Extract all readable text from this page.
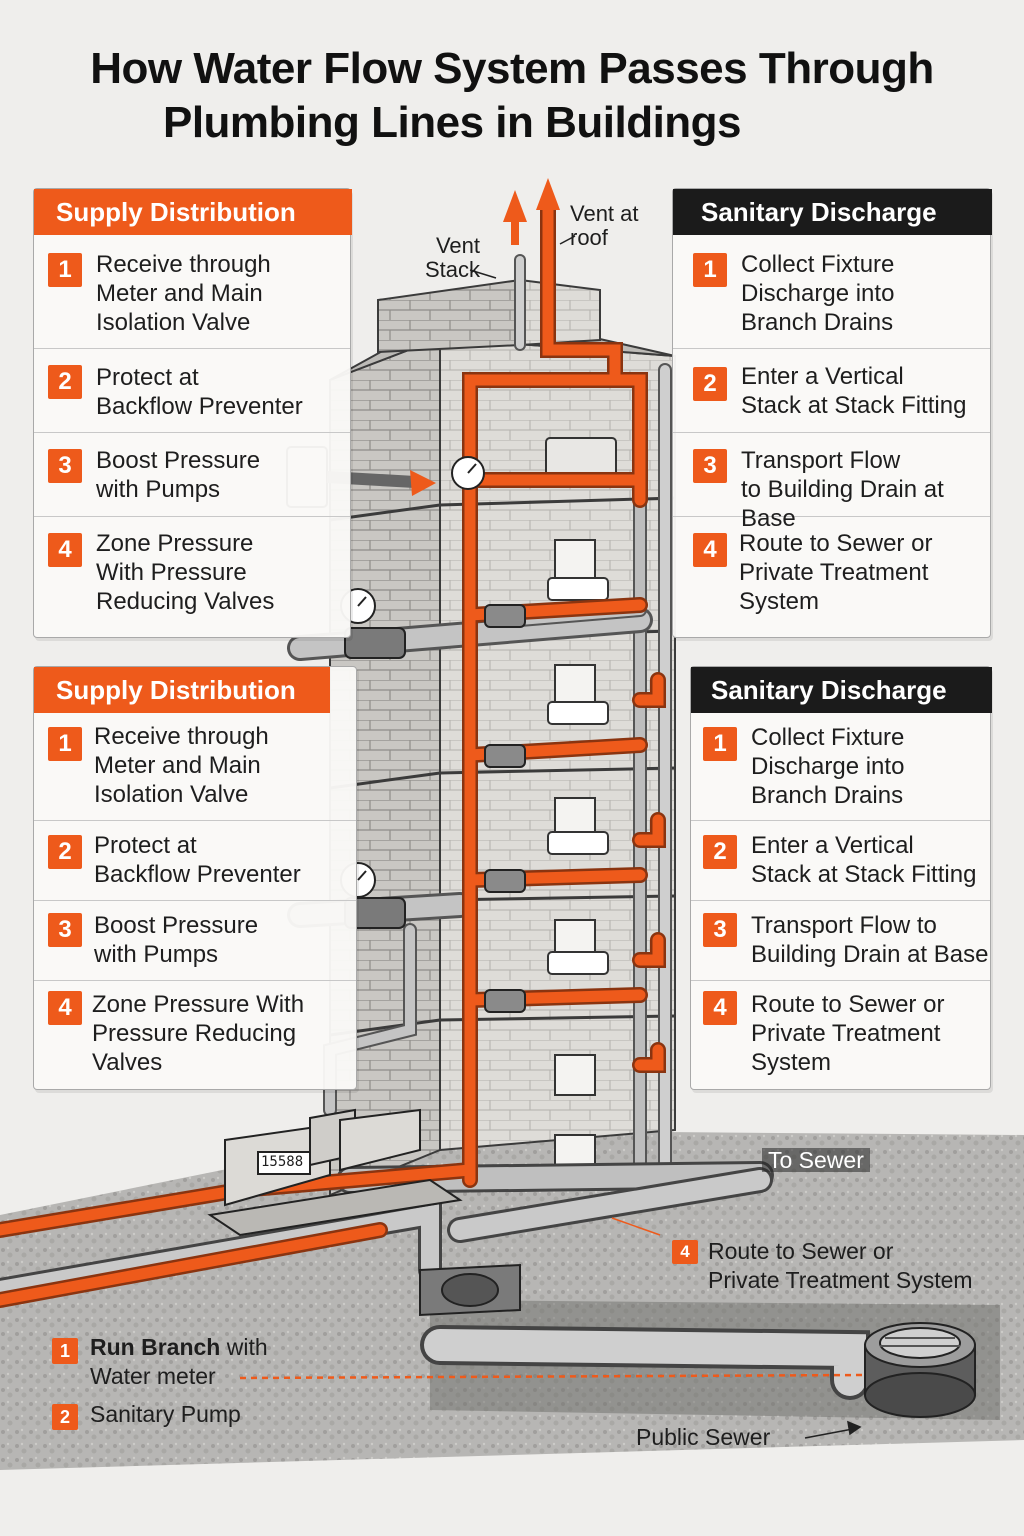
How Water Flow System Passes Through
Plumbing Lines in Buildings
Supply Distribution
1	Receive through
Meter and Main
Isolation Valve
2	Protect at
Backflow Preventer
3	Boost Pressure
with Pumps
4	Zone Pressure
With Pressure
Reducing Valves
Sanitary Discharge
1	Collect Fixture
Discharge into
Branch Drains
2	Enter a Vertical
Stack at Stack Fitting
3	Transport Flow
to Building Drain at Base
4 Route to Sewer or
Private Treatment
System
Supply Distribution
1 Receive through
Meter and Main
Isolation Valve
2 Protect at
Backflow Preventer
3 Boost Pressure
with Pumps
4 Zone Pressure With
Pressure Reducing
Valves
Sanitary Discharge
1	Collect Fixture
Discharge into
Branch Drains
2	Enter a Vertical
Stack at Stack Fitting
3	Transport Flow to
Building Drain at Base
4	Route to Sewer or
Private Treatment
System
Vent
Stack
Vent at
roof
To Sewer
4 Route to Sewer or
Private Treatment System
1 Run Branch with
Water meter
2 Sanitary Pump
Public Sewer
15588
